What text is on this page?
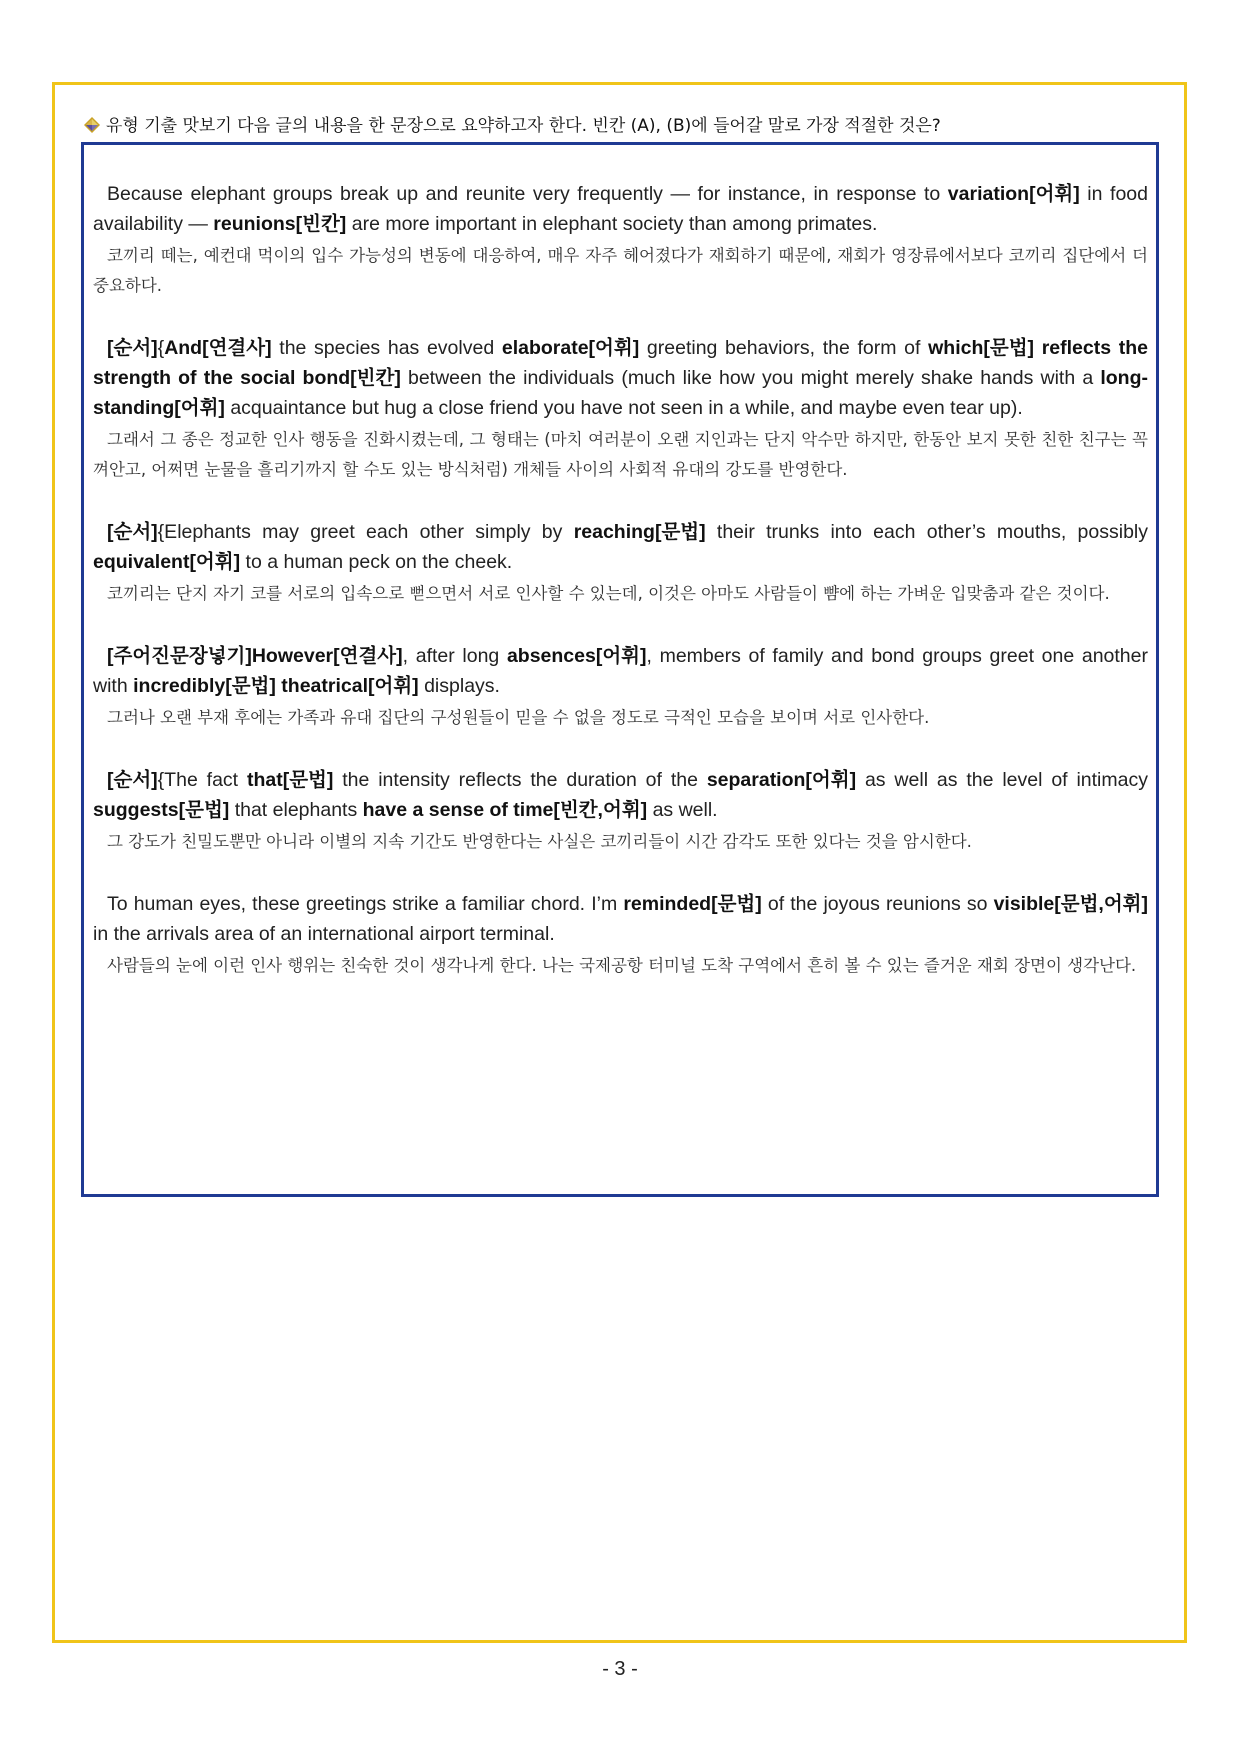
유형 기출 맛보기 다음 글의 내용을 한 문장으로 요약하고자 한다. 빈칸 (A), (B)에 들어갈 말로 가장 적절한 것은?
Because elephant groups break up and reunite very frequently — for instance, in response to variation[어휘] in food availability — reunions[빈칸] are more important in elephant society than among primates.
코끼리 떼는, 예컨대 먹이의 입수 가능성의 변동에 대응하여, 매우 자주 헤어졌다가 재회하기 때문에, 재회가 영장류에서보다 코끼리 집단에서 더 중요하다.
[순서]{And[연결사] the species has evolved elaborate[어휘] greeting behaviors, the form of which[문법] reflects the strength of the social bond[빈칸] between the individuals (much like how you might merely shake hands with a long-standing[어휘] acquaintance but hug a close friend you have not seen in a while, and maybe even tear up).
그래서 그 종은 정교한 인사 행동을 진화시켰는데, 그 형태는 (마치 여러분이 오랜 지인과는 단지 악수만 하지만, 한동안 보지 못한 친한 친구는 꼭 껴안고, 어쩌면 눈물을 흘리기까지 할 수도 있는 방식처럼) 개체들 사이의 사회적 유대의 강도를 반영한다.
[순서]{Elephants may greet each other simply by reaching[문법] their trunks into each other’s mouths, possibly equivalent[어휘] to a human peck on the cheek.
코끼리는 단지 자기 코를 서로의 입속으로 뻗으면서 서로 인사할 수 있는데, 이것은 아마도 사람들이 뺨에 하는 가벼운 입맞춤과 같은 것이다.
[주어진문장넣기]However[연결사], after long absences[어휘], members of family and bond groups greet one another with incredibly[문법] theatrical[어휘] displays.
그러나 오랜 부재 후에는 가족과 유대 집단의 구성원들이 믿을 수 없을 정도로 극적인 모습을 보이며 서로 인사한다.
[순서]{The fact that[문법] the intensity reflects the duration of the separation[어휘] as well as the level of intimacy suggests[문법] that elephants have a sense of time[빈칸,어휘] as well.
그 강도가 친밀도뿐만 아니라 이별의 지속 기간도 반영한다는 사실은 코끼리들이 시간 감각도 또한 있다는 것을 암시한다.
To human eyes, these greetings strike a familiar chord. I’m reminded[문법] of the joyous reunions so visible[문법,어휘] in the arrivals area of an international airport terminal.
사람들의 눈에 이런 인사 행위는 친숙한 것이 생각나게 한다. 나는 국제공항 터미널 도착 구역에서 흔히 볼 수 있는 즐거운 재회 장면이 생각난다.
- 3 -
